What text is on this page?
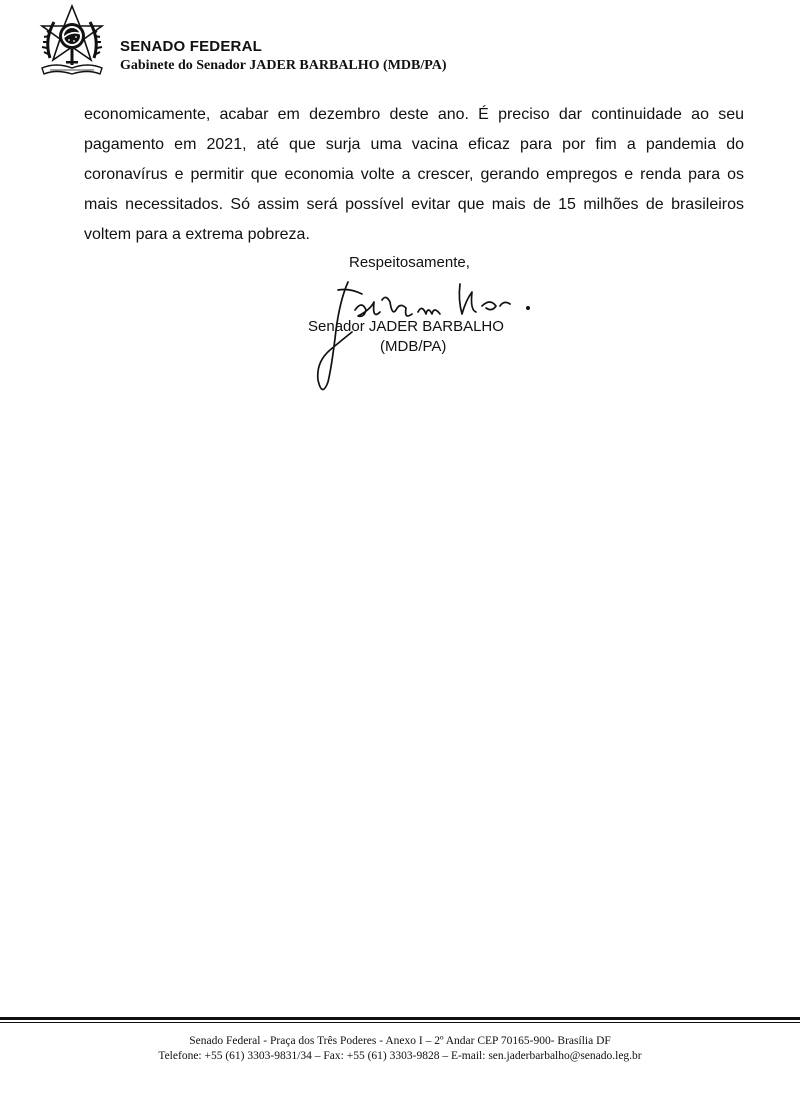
SENADO FEDERAL
Gabinete do Senador JADER BARBALHO (MDB/PA)
economicamente, acabar em dezembro deste ano. É preciso dar continuidade ao seu
pagamento em 2021, até que surja uma vacina eficaz para por fim a pandemia do
coronavírus e permitir que economia volte a crescer, gerando empregos e renda para os
mais necessitados. Só assim será possível evitar que mais de 15 milhões de brasileiros
voltem para a extrema pobreza.
Respeitosamente,
Senador JADER BARBALHO
(MDB/PA)
Senado Federal - Praça dos Três Poderes - Anexo I – 2º Andar CEP 70165-900- Brasília DF
Telefone: +55 (61) 3303-9831/34 – Fax: +55 (61) 3303-9828 – E-mail: sen.jaderbarbalho@senado.leg.br
